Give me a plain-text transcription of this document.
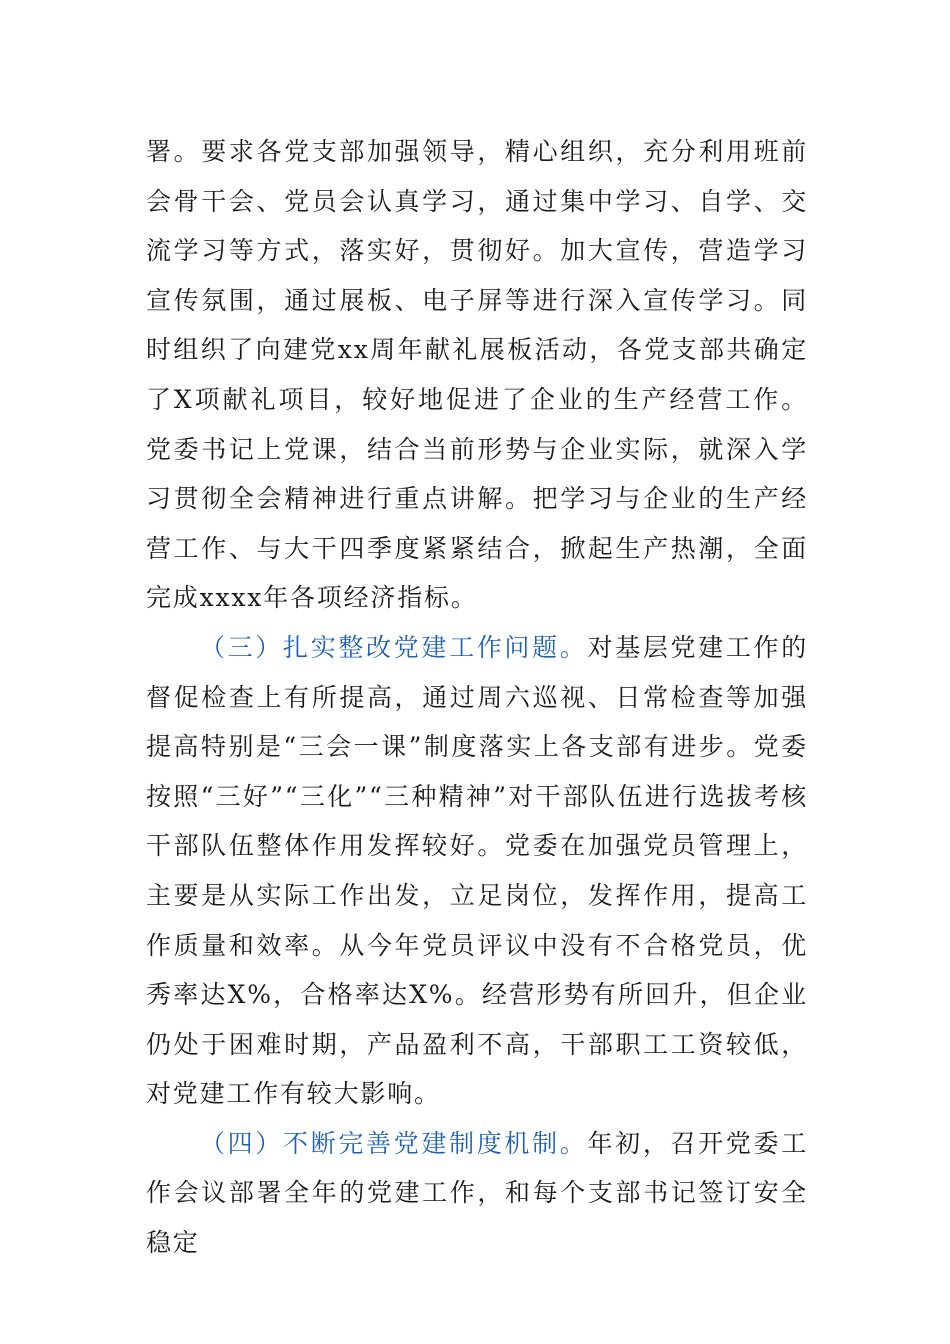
署。要求各党支部加强领导，精心组织，充分利用班前会骨干会、党员会认真学习，通过集中学习、自学、交流学习等方式，落实好，贯彻好。加大宣传，营造学习宣传氛围，通过展板、电子屏等进行深入宣传学习。同时组织了向建党xx周年献礼展板活动，各党支部共确定了X项献礼项目，较好地促进了企业的生产经营工作。党委书记上党课，结合当前形势与企业实际，就深入学习贯彻全会精神进行重点讲解。把学习与企业的生产经营工作、与大干四季度紧紧结合，掀起生产热潮，全面完成xxxx年各项经济指标。

（三）扎实整改党建工作问题。对基层党建工作的督促检查上有所提高，通过周六巡视、日常检查等加强提高特别是“三会一课”制度落实上各支部有进步。党委按照“三好”“三化”“三种精神”对干部队伍进行选拔考核干部队伍整体作用发挥较好。党委在加强党员管理上，主要是从实际工作出发，立足岗位，发挥作用，提高工作质量和效率。从今年党员评议中没有不合格党员，优秀率达X%，合格率达X%。经营形势有所回升，但企业仍处于困难时期，产品盈利不高，干部职工工资较低，对党建工作有较大影响。

（四）不断完善党建制度机制。年初，召开党委工作会议部署全年的党建工作，和每个支部书记签订安全稳定
